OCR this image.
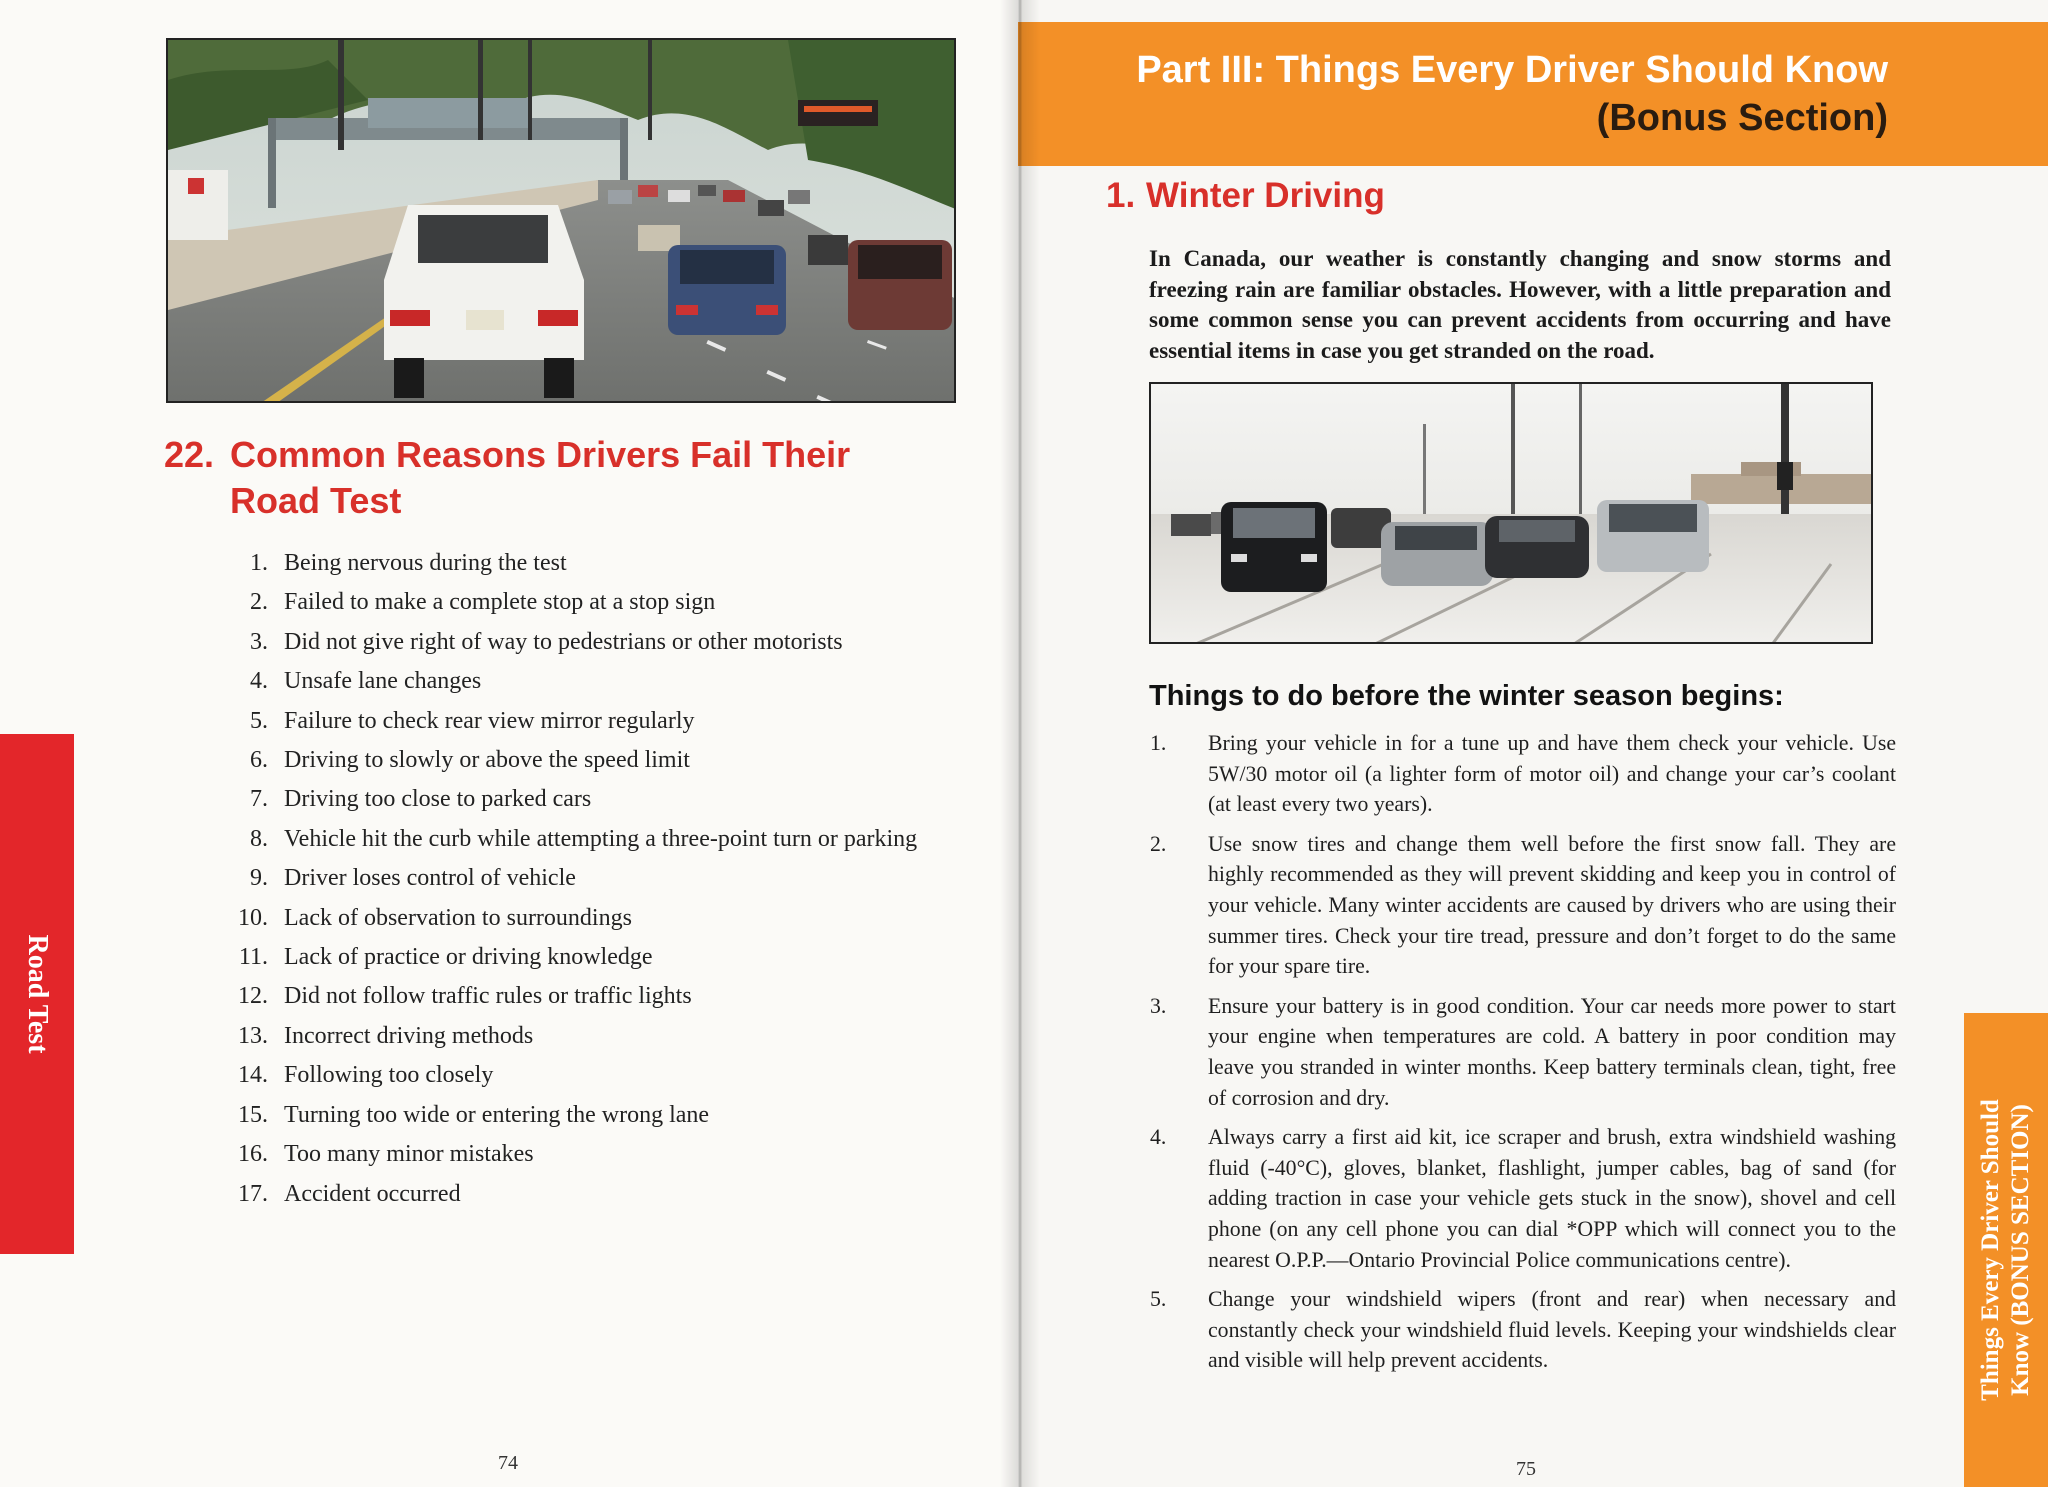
22. Common Reasons Drivers Fail Their
Road Test
1. Being nervous during the test
2. Failed to make a complete stop at a stop sign
3. Did not give right of way to pedestrians or other motorists
4. Unsafe lane changes
5. Failure to check rear view mirror regularly
6. Driving to slowly or above the speed limit
7. Driving too close to parked cars
8. Vehicle hit the curb while attempting a three-point turn or parking
9. Driver loses control of vehicle
10. Lack of observation to surroundings
11. Lack of practice or driving knowledge
12. Did not follow traffic rules or traffic lights
13. Incorrect driving methods
14. Following too closely
15. Turning too wide or entering the wrong lane
16. Too many minor mistakes
17. Accident occurred
Road Test
74
Part III: Things Every Driver Should Know
(Bonus Section)
1. Winter Driving

In Canada, our weather is constantly changing and snow storms and freezing rain are familiar obstacles. However, with a little preparation and some common sense you can prevent accidents from occurring and have essential items in case you get stranded on the road.

Things to do before the winter season begins:
1.	Bring your vehicle in for a tune up and have them check your vehicle. Use 5W/30 motor oil (a lighter form of motor oil) and change your car’s coolant (at least every two years).
2.	Use snow tires and change them well before the first snow fall. They are highly recommended as they will prevent skidding and keep you in control of your vehicle. Many winter accidents are caused by drivers who are using their summer tires. Check your tire tread, pressure and don’t forget to do the same for your spare tire.
3.	Ensure your battery is in good condition. Your car needs more power to start your engine when temperatures are cold. A battery in poor condition may leave you stranded in winter months. Keep battery terminals clean, tight, free of corrosion and dry.
4.	Always carry a first aid kit, ice scraper and brush, extra windshield washing fluid (-40°C), gloves, blanket, flashlight, jumper cables, bag of sand (for adding traction in case your vehicle gets stuck in the snow), shovel and cell phone (on any cell phone you can dial *OPP which will connect you to the nearest O.P.P.—Ontario Provincial Police communications centre).
5.	Change your windshield wipers (front and rear) when necessary and constantly check your windshield fluid levels. Keeping your windshields clear and visible will help prevent accidents.	Things Every Driver Should Know (BONUS SECTION)
75
